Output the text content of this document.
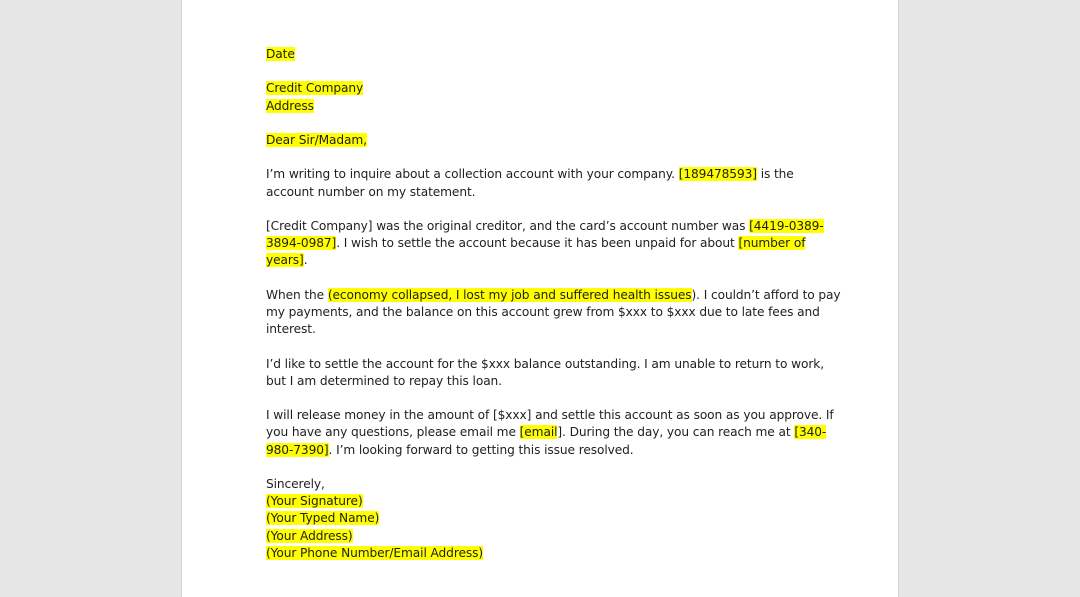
Date

Credit Company
Address

Dear Sir/Madam,

I’m writing to inquire about a collection account with your company. [189478593] is the
account number on my statement.

[Credit Company] was the original creditor, and the card’s account number was [4419-0389-
3894-0987]. I wish to settle the account because it has been unpaid for about [number of
years].

When the (economy collapsed, I lost my job and suffered health issues). I couldn’t afford to pay
my payments, and the balance on this account grew from $xxx to $xxx due to late fees and
interest.

I’d like to settle the account for the $xxx balance outstanding. I am unable to return to work,
but I am determined to repay this loan.

I will release money in the amount of [$xxx] and settle this account as soon as you approve. If
you have any questions, please email me [email]. During the day, you can reach me at [340-
980-7390]. I’m looking forward to getting this issue resolved.

Sincerely,
(Your Signature)
(Your Typed Name)
(Your Address)
(Your Phone Number/Email Address)
